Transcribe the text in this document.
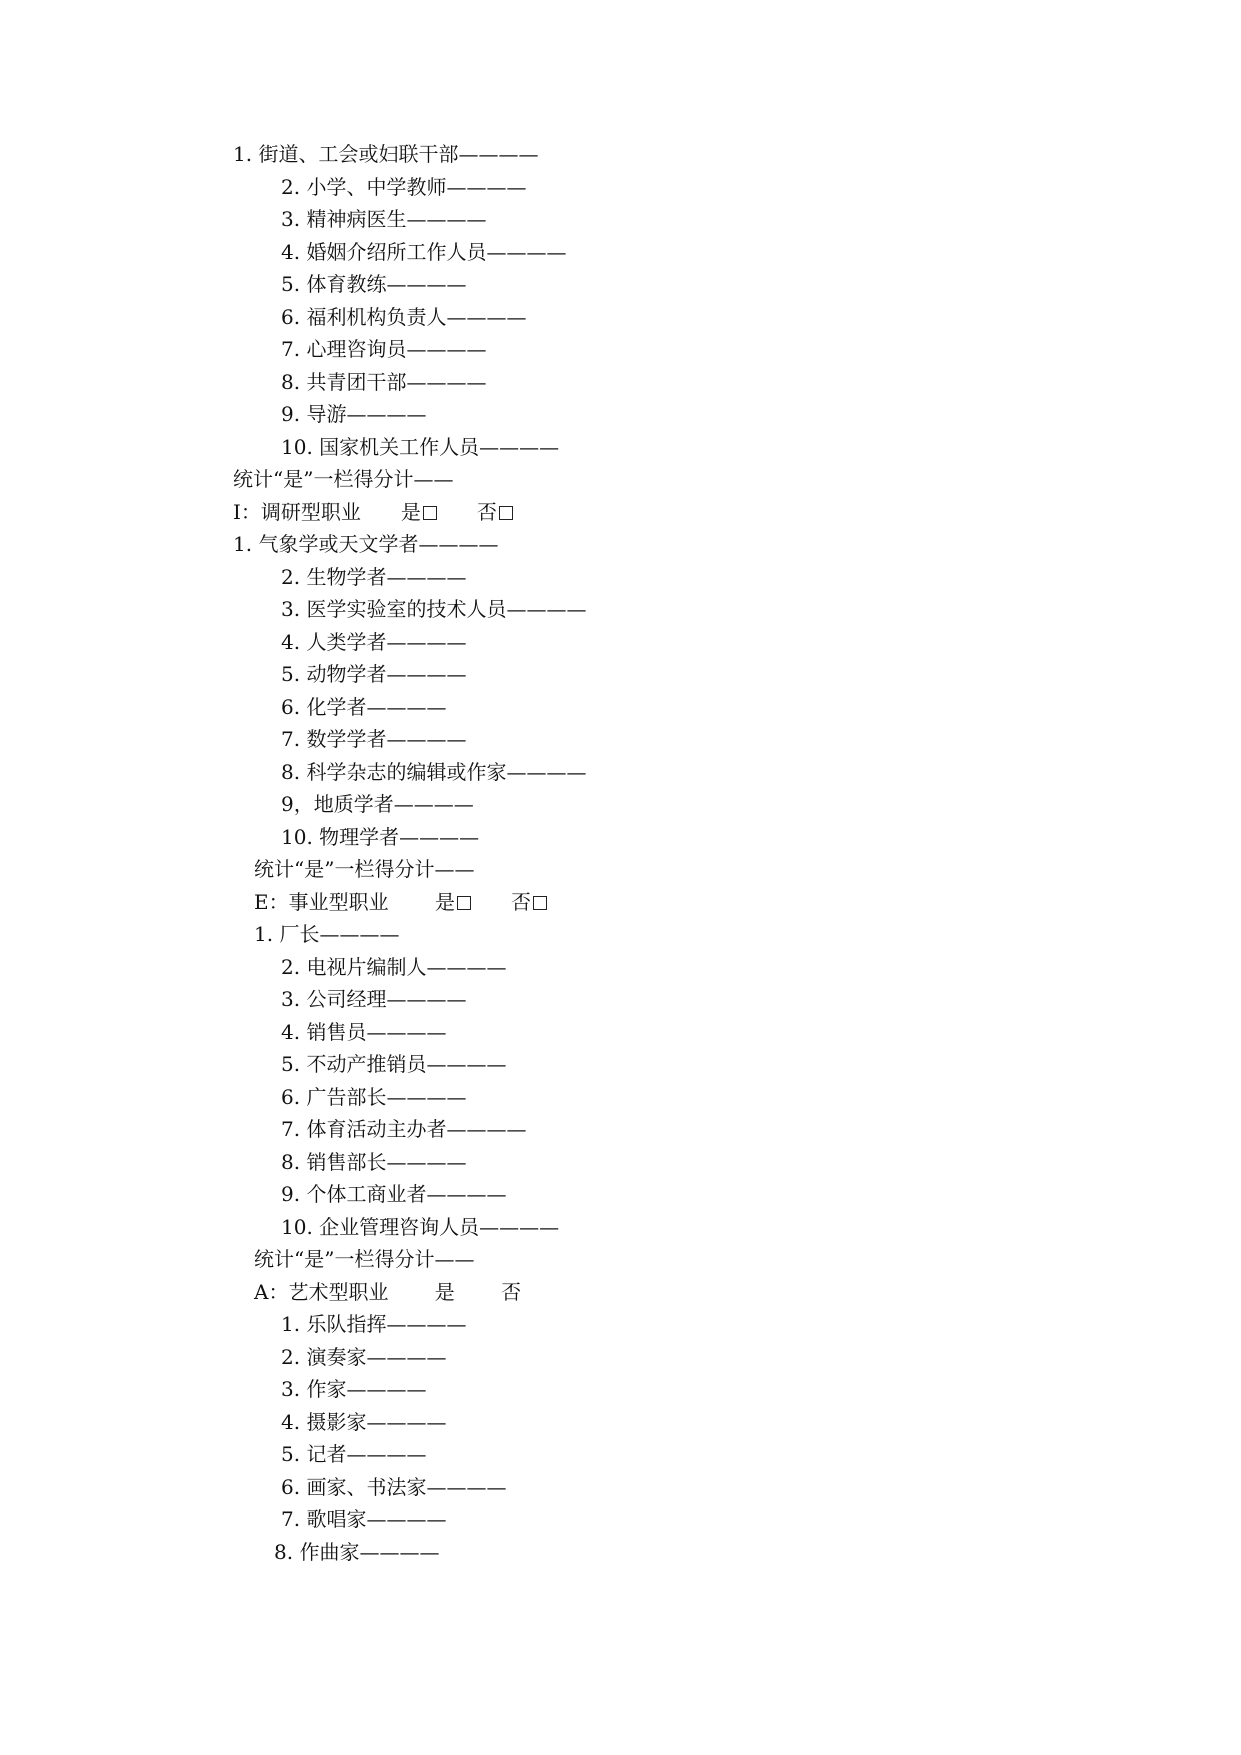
1. 街道、工会或妇联干部————
2. 小学、中学教师————
3. 精神病医生————
4. 婚姻介绍所工作人员————
5. 体育教练————
6. 福利机构负责人————
7. 心理咨询员————
8. 共青团干部————
9. 导游————
10. 国家机关工作人员————
统计“是”一栏得分计——
I：调研型职业　　是　　否
1. 气象学或天文学者————
2. 生物学者————
3. 医学实验室的技术人员————
4. 人类学者————
5. 动物学者————
6. 化学者————
7. 数学学者————
8. 科学杂志的编辑或作家————
9，地质学者————
10. 物理学者————
统计“是”一栏得分计——
E：事业型职业　　 是　　否
1. 厂长————
2. 电视片编制人————
3. 公司经理————
4. 销售员————
5. 不动产推销员————
6. 广告部长————
7. 体育活动主办者————
8. 销售部长————
9. 个体工商业者————
10. 企业管理咨询人员————
统计“是”一栏得分计——
A：艺术型职业　　 是　　 否
1. 乐队指挥————
2. 演奏家————
3. 作家————
4. 摄影家————
5. 记者————
6. 画家、书法家————
7. 歌唱家————
8. 作曲家————
